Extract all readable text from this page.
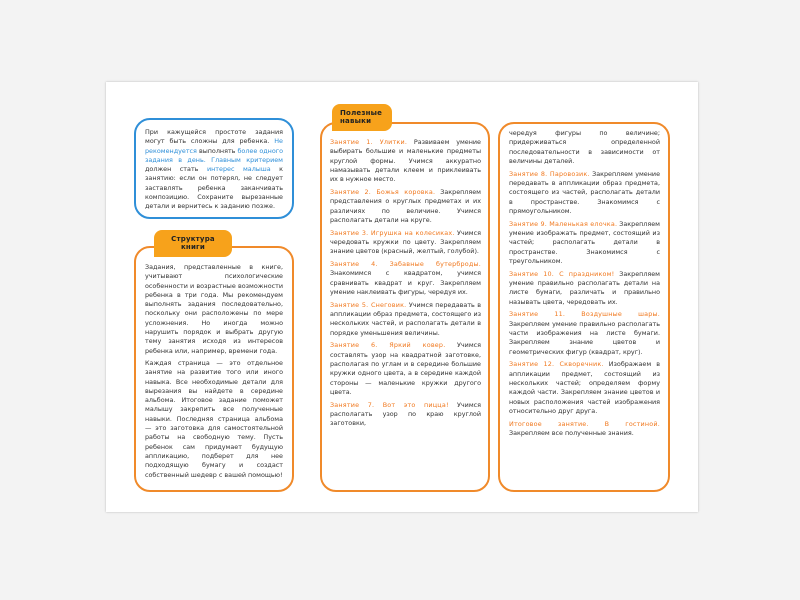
При кажущейся простоте задания могут быть сложны для ребенка. Не рекомендуется выполнять более одного задания в день. Главным критерием должен стать интерес малыша к занятию: если он потерял, не следует заставлять ребенка заканчивать композицию. Сохраните вырезанные детали и вернитесь к заданию позже.

Задания, представленные в книге, учитывают психологические особенности и возрастные возможности ребенка в три года. Мы рекомендуем выполнять задания последовательно, поскольку они расположены по мере усложнения. Но иногда можно нарушить порядок и выбрать другую тему занятия исходя из интересов ребенка или, например, времени года.

Каждая страница — это отдельное занятие на развитие того или иного навыка. Все необходимые детали для вырезания вы найдете в середине альбома. Итоговое задание поможет малышу закрепить все полученные навыки. Последняя страница альбома — это заготовка для самостоятельной работы на свободную тему. Пусть ребенок сам придумает будущую аппликацию, подберет для нее подходящую бумагу и создаст собственный шедевр с вашей помощью!

Структура книги
Занятие 1. Улитки. Развиваем умение выбирать большие и маленькие предметы круглой формы. Учимся аккуратно намазывать детали клеем и приклеивать их в нужное место.
Занятие 2. Божья коровка. Закрепляем представления о круглых предметах и их различиях по величине. Учимся располагать детали на круге.
Занятие 3. Игрушка на колесиках. Учимся чередовать кружки по цвету. Закрепляем знание цветов (красный, желтый, голубой).
Занятие 4. Забавные бутерброды. Знакомимся с квадратом, учимся сравнивать квадрат и круг. Закрепляем умение наклеивать фигуры, чередуя их.
Занятие 5. Снеговик. Учимся передавать в аппликации образ предмета, состоящего из нескольких частей, и располагать детали в порядке уменьшения величины.
Занятие 6. Яркий ковер. Учимся составлять узор на квадратной заготовке, располагая по углам и в середине большие кружки одного цвета, а в середине каждой стороны — маленькие кружки другого цвета.
Занятие 7. Вот это пицца! Учимся располагать узор по краю круглой заготовки,
Полезные навыки
чередуя фигуры по величине; придерживаться определенной последовательности в зависимости от величины деталей.
Занятие 8. Паровозик. Закрепляем умение передавать в аппликации образ предмета, состоящего из частей, располагать детали в пространстве. Знакомимся с прямоугольником.
Занятие 9. Маленькая елочка. Закрепляем умение изображать предмет, состоящий из частей; располагать детали в пространстве. Знакомимся с треугольником.
Занятие 10. С праздником! Закрепляем умение правильно располагать детали на листе бумаги, различать и правильно называть цвета, чередовать их.
Занятие 11. Воздушные шары. Закрепляем умение правильно располагать части изображения на листе бумаги. Закрепляем знание цветов и геометрических фигур (квадрат, круг).
Занятие 12. Скворечник. Изображаем в аппликации предмет, состоящий из нескольких частей; определяем форму каждой части. Закрепляем знание цветов и новых расположения частей изображения относительно друг друга.
Итоговое занятие. В гостиной. Закрепляем все полученные знания.
